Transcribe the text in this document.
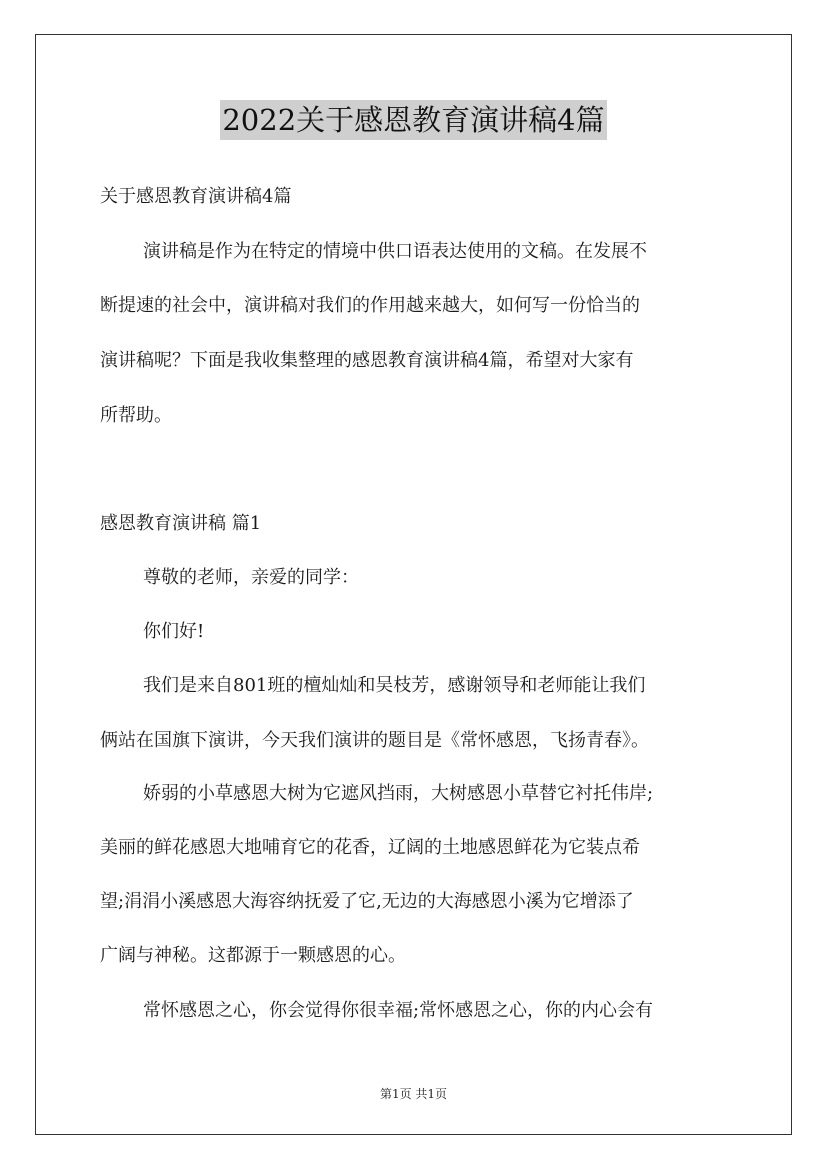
2022关于感恩教育演讲稿4篇
关于感恩教育演讲稿4篇
演讲稿是作为在特定的情境中供口语表达使用的文稿。在发展不
断提速的社会中，演讲稿对我们的作用越来越大，如何写一份恰当的
演讲稿呢？下面是我收集整理的感恩教育演讲稿4篇，希望对大家有
所帮助。
感恩教育演讲稿 篇1
尊敬的老师，亲爱的同学：
你们好!
我们是来自801班的檀灿灿和吴枝芳，感谢领导和老师能让我们
俩站在国旗下演讲，今天我们演讲的题目是《常怀感恩，飞扬青春》。
娇弱的小草感恩大树为它遮风挡雨，大树感恩小草替它衬托伟岸;
美丽的鲜花感恩大地哺育它的花香，辽阔的土地感恩鲜花为它装点希
望;涓涓小溪感恩大海容纳抚爱了它,无边的大海感恩小溪为它增添了
广阔与神秘。这都源于一颗感恩的心。
常怀感恩之心，你会觉得你很幸福;常怀感恩之心，你的内心会有
第1页 共1页
